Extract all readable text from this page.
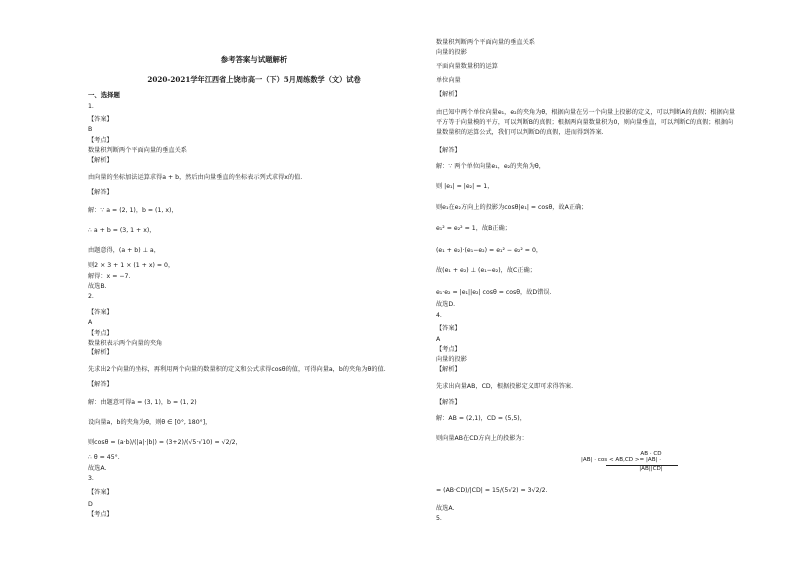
参考答案与试题解析
2020-2021学年江西省上饶市高一（下）5月周练数学（文）试卷
一、选择题
1.
【答案】
B
【考点】
数量积判断两个平面向量的垂直关系
【解析】
由向量的坐标加法运算求得a + b，然后由向量垂直的坐标表示列式求得x的值.
【解答】
解：∵ a = (2, 1)，b = (1, x)，
∴ a + b = (3, 1 + x)，
由题意得，(a + b) ⊥ a，
则2 × 3 + 1 × (1 + x) = 0，
解得：x = −7.
故选B.
2.
【答案】
A
【考点】
数量积表示两个向量的夹角
【解析】
先求出2个向量的坐标，再利用两个向量的数量积的定义和公式求得cosθ的值，可得向量a，b的夹角为θ的值.
【解答】
解：由题意可得a = (3, 1)，b = (1, 2)
设向量a，b的夹角为θ，则θ ∈ [0°, 180°]，
则cosθ = (a·b)/(|a|·|b|) = (3+2)/(√5·√10) = √2/2，
∴ θ = 45°.
故选A.
3.
【答案】
D
【考点】
数量积判断两个平面向量的垂直关系
向量的投影
平面向量数量积的运算
单位向量
【解析】
由已知中两个单位向量e₁，e₂的夹角为θ，根据向量在另一个向量上投影的定义，可以判断A的真假；根据向量平方等于向量模的平方，可以判断B的真假；根据两向量数量积为0，则向量垂直，可以判断C的真假；根据向量数量积的运算公式，我们可以判断D的真假，进而得到答案.
【解答】
解：∵ 两个单位向量e₁，e₂的夹角为θ，
则 |e₁| = |e₂| = 1，
则e₁在e₂方向上的投影为cosθ|e₁| = cosθ，故A正确；
e₁² = e₂² = 1，故B正确；
(e₁ + e₂)·(e₁−e₂) = e₁² − e₂² = 0，
故(e₁ + e₂) ⊥ (e₁−e₂)，故C正确；
e₁·e₂ = |e₁||e₂| cosθ = cosθ，故D错误.
故选D.
4.
【答案】
A
【考点】
向量的投影
【解析】
先求出向量AB，CD，根据投影定义即可求得答案.
【解答】
解：AB = (2,1)，CD = (5,5)，
则向量AB在CD方向上的投影为：
AB · CD
|AB| · cos < AB,CD >= |AB| ·
|AB||CD|
= (AB·CD)/|CD| = 15/(5√2) = 3√2/2.
故选A.
5.
